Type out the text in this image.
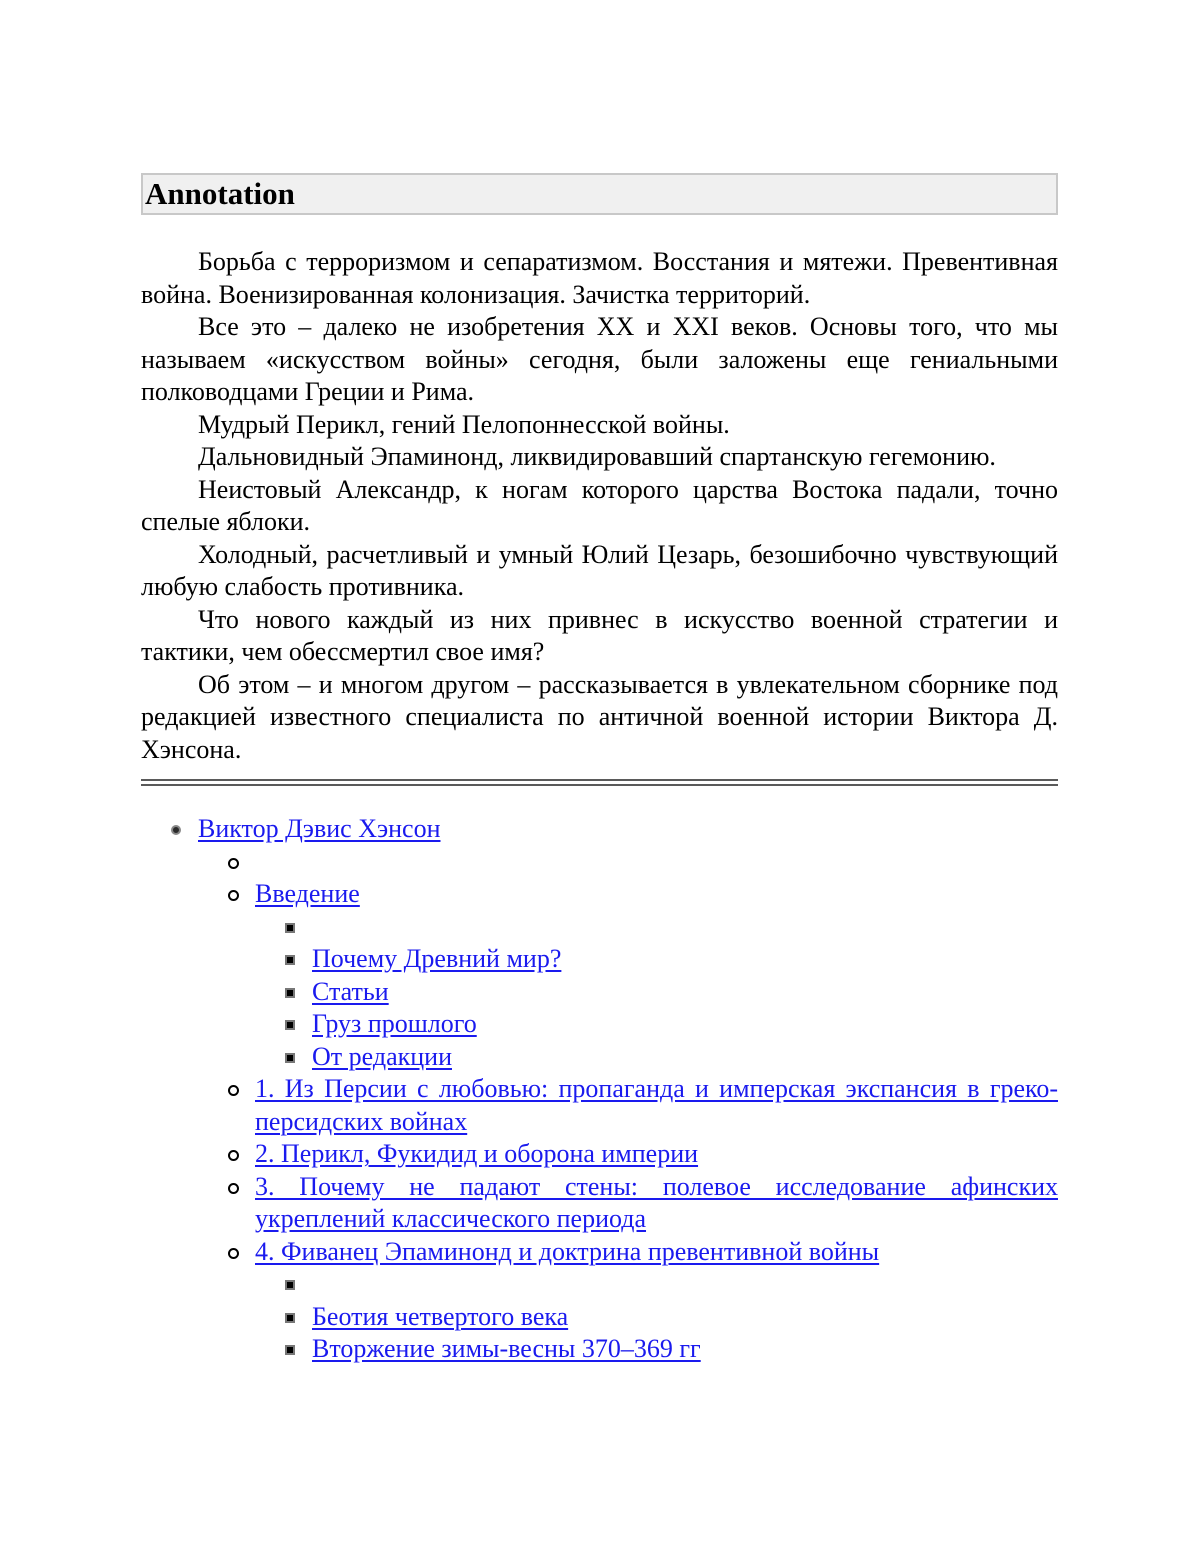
Annotation

Борьба с терроризмом и сепаратизмом. Восстания и мятежи. Превентивная война. Военизированная колонизация. Зачистка территорий.

Все это – далеко не изобретения XX и XXI веков. Основы того, что мы называем «искусством войны» сегодня, были заложены еще гениальными полководцами Греции и Рима.

Мудрый Перикл, гений Пелопоннесской войны.

Дальновидный Эпаминонд, ликвидировавший спартанскую гегемонию.

Неистовый Александр, к ногам которого царства Востока падали, точно спелые яблоки.

Холодный, расчетливый и умный Юлий Цезарь, безошибочно чувствующий любую слабость противника.

Что нового каждый из них привнес в искусство военной стратегии и тактики, чем обессмертил свое имя?

Об этом – и многом другом – рассказывается в увлекательном сборнике под редакцией известного специалиста по античной военной истории Виктора Д. Хэнсона.

Виктор Дэвис Хэнсон
Введение
Почему Древний мир?
Статьи
Груз прошлого
От редакции
1. Из Персии с любовью: пропаганда и имперская экспансия в греко-персидских войнах
2. Перикл, Фукидид и оборона империи
3. Почему не падают стены: полевое исследование афинских укреплений классического периода
4. Фиванец Эпаминонд и доктрина превентивной войны
Беотия четвертого века
Вторжение зимы-весны 370–369 гг
